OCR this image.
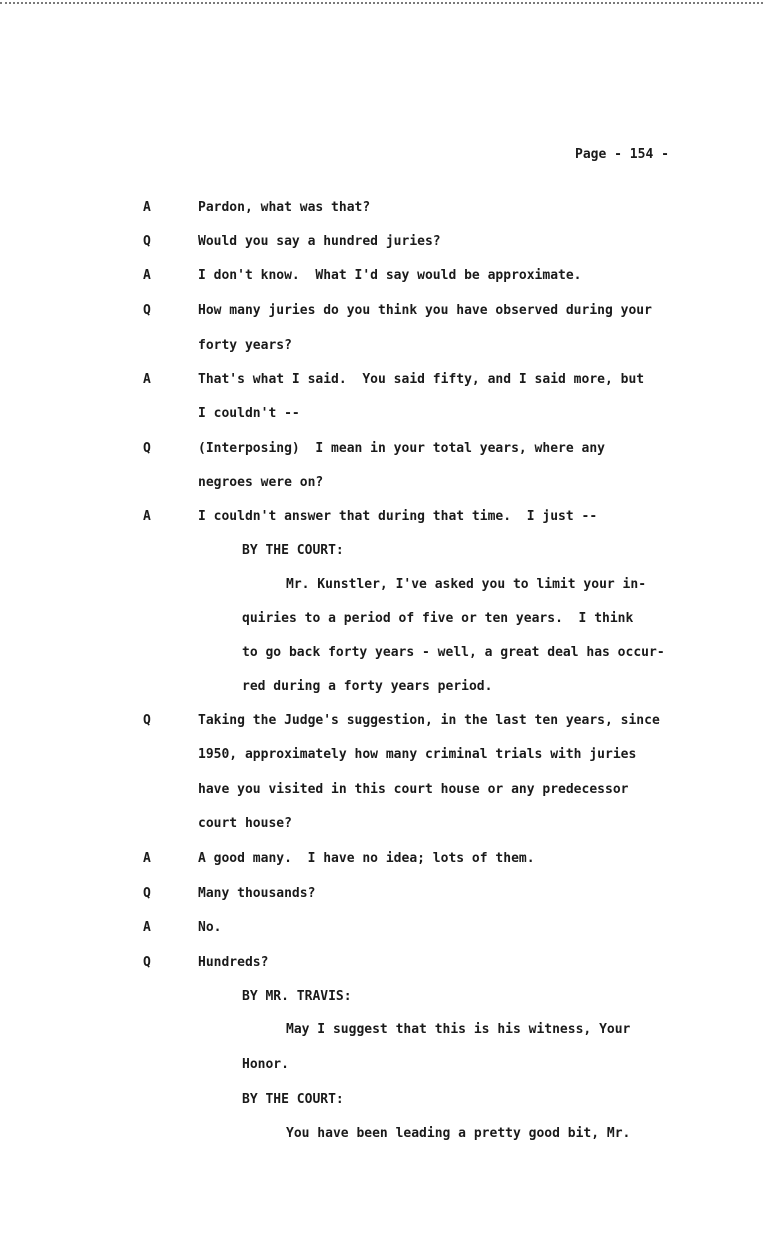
Page - 154 -
A	Pardon, what was that?
Q	Would you say a hundred juries?
A	I don't know.  What I'd say would be approximate.
Q	How many juries do you think you have observed during your
forty years?
A	That's what I said.  You said fifty, and I said more, but
I couldn't --
Q	(Interposing)  I mean in your total years, where any
negroes were on?
A	I couldn't answer that during that time.  I just --
BY THE COURT:
Mr. Kunstler, I've asked you to limit your in-
quiries to a period of five or ten years.  I think
to go back forty years - well, a great deal has occur-
red during a forty years period.
Q	Taking the Judge's suggestion, in the last ten years, since
1950, approximately how many criminal trials with juries
have you visited in this court house or any predecessor
court house?
A	A good many.  I have no idea; lots of them.
Q	Many thousands?
A	No.
Q	Hundreds?
BY MR. TRAVIS:
May I suggest that this is his witness, Your
Honor.
BY THE COURT:
You have been leading a pretty good bit, Mr.
